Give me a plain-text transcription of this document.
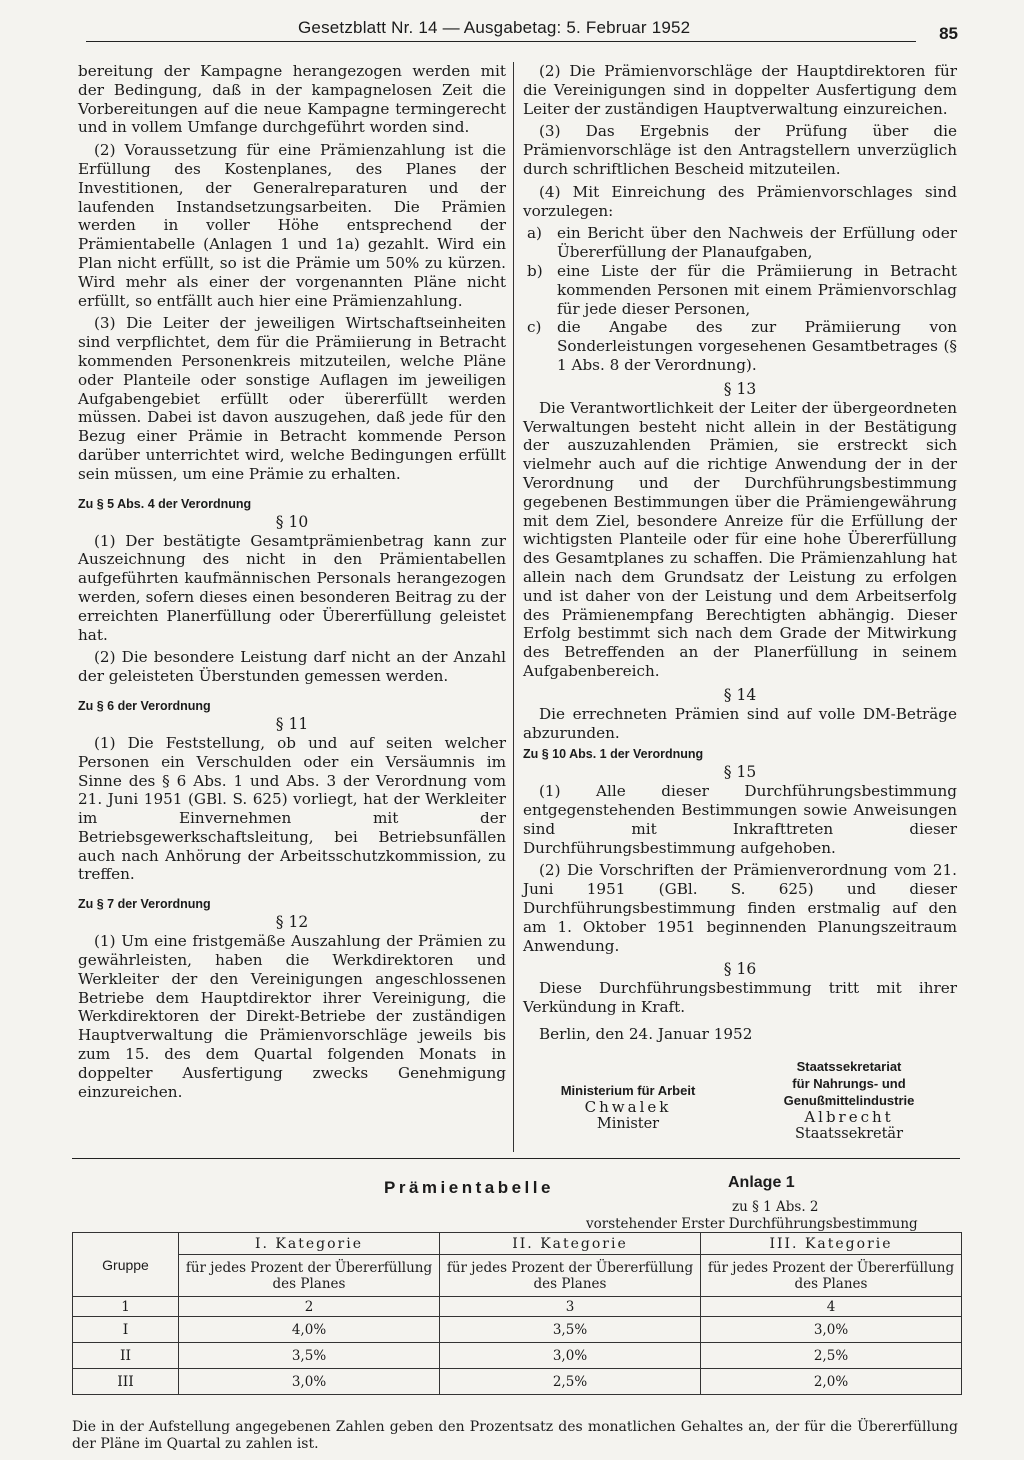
Gesetzblatt Nr. 14 — Ausgabetag: 5. Februar 1952	85

bereitung der Kampagne herangezogen werden mit der Bedingung, daß in der kampagnelosen Zeit die Vorbereitungen auf die neue Kampagne termingerecht und in vollem Umfange durchgeführt worden sind.

(2) Voraussetzung für eine Prämienzahlung ist die Erfüllung des Kostenplanes, des Planes der Investitionen, der Generalreparaturen und der laufenden Instandsetzungsarbeiten. Die Prämien werden in voller Höhe entsprechend der Prämientabelle (Anlagen 1 und 1a) gezahlt. Wird ein Plan nicht erfüllt, so ist die Prämie um 50% zu kürzen. Wird mehr als einer der vorgenannten Pläne nicht erfüllt, so entfällt auch hier eine Prämienzahlung.

(3) Die Leiter der jeweiligen Wirtschaftseinheiten sind verpflichtet, dem für die Prämiierung in Betracht kommenden Personenkreis mitzuteilen, welche Pläne oder Planteile oder sonstige Auflagen im jeweiligen Aufgabengebiet erfüllt oder übererfüllt werden müssen. Dabei ist davon auszugehen, daß jede für den Bezug einer Prämie in Betracht kommende Person darüber unterrichtet wird, welche Bedingungen erfüllt sein müssen, um eine Prämie zu erhalten.

Zu § 5 Abs. 4 der Verordnung
§ 10

(1) Der bestätigte Gesamtprämienbetrag kann zur Auszeichnung des nicht in den Prämientabellen aufgeführten kaufmännischen Personals herangezogen werden, sofern dieses einen besonderen Beitrag zu der erreichten Planerfüllung oder Übererfüllung geleistet hat.

(2) Die besondere Leistung darf nicht an der Anzahl der geleisteten Überstunden gemessen werden.

Zu § 6 der Verordnung
§ 11

(1) Die Feststellung, ob und auf seiten welcher Personen ein Verschulden oder ein Versäumnis im Sinne des § 6 Abs. 1 und Abs. 3 der Verordnung vom 21. Juni 1951 (GBl. S. 625) vorliegt, hat der Werkleiter im Einvernehmen mit der Betriebsgewerkschaftsleitung, bei Betriebsunfällen auch nach Anhörung der Arbeitsschutzkommission, zu treffen.

Zu § 7 der Verordnung
§ 12

(1) Um eine fristgemäße Auszahlung der Prämien zu gewährleisten, haben die Werkdirektoren und Werkleiter der den Vereinigungen angeschlossenen Betriebe dem Hauptdirektor ihrer Vereinigung, die Werkdirektoren der Direkt-Betriebe der zuständigen Hauptverwaltung die Prämienvorschläge jeweils bis zum 15. des dem Quartal folgenden Monats in doppelter Ausfertigung zwecks Genehmigung einzureichen.

(2) Die Prämienvorschläge der Hauptdirektoren für die Vereinigungen sind in doppelter Ausfertigung dem Leiter der zuständigen Hauptverwaltung einzureichen.

(3) Das Ergebnis der Prüfung über die Prämienvorschläge ist den Antragstellern unverzüglich durch schriftlichen Bescheid mitzuteilen.

(4) Mit Einreichung des Prämienvorschlages sind vorzulegen:

a) ein Bericht über den Nachweis der Erfüllung oder Übererfüllung der Planaufgaben,
b) eine Liste der für die Prämiierung in Betracht kommenden Personen mit einem Prämienvorschlag für jede dieser Personen,
c) die Angabe des zur Prämiierung von Sonderleistungen vorgesehenen Gesamtbetrages (§ 1 Abs. 8 der Verordnung).
§ 13

Die Verantwortlichkeit der Leiter der übergeordneten Verwaltungen besteht nicht allein in der Bestätigung der auszuzahlenden Prämien, sie erstreckt sich vielmehr auch auf die richtige Anwendung der in der Verordnung und der Durchführungsbestimmung gegebenen Bestimmungen über die Prämiengewährung mit dem Ziel, besondere Anreize für die Erfüllung der wichtigsten Planteile oder für eine hohe Übererfüllung des Gesamtplanes zu schaffen. Die Prämienzahlung hat allein nach dem Grundsatz der Leistung zu erfolgen und ist daher von der Leistung und dem Arbeitserfolg des Prämienempfang Berechtigten abhängig. Dieser Erfolg bestimmt sich nach dem Grade der Mitwirkung des Betreffenden an der Planerfüllung in seinem Aufgabenbereich.

§ 14

Die errechneten Prämien sind auf volle DM-Beträge abzurunden.

Zu § 10 Abs. 1 der Verordnung
§ 15

(1) Alle dieser Durchführungsbestimmung entgegenstehenden Bestimmungen sowie Anweisungen sind mit Inkrafttreten dieser Durchführungsbestimmung aufgehoben.

(2) Die Vorschriften der Prämienverordnung vom 21. Juni 1951 (GBl. S. 625) und dieser Durchführungsbestimmung finden erstmalig auf den am 1. Oktober 1951 beginnenden Planungszeitraum Anwendung.

§ 16

Diese Durchführungsbestimmung tritt mit ihrer Verkündung in Kraft.

Berlin, den 24. Januar 1952

Ministerium für Arbeit
Chwalek
Minister
Staatssekretariat
für Nahrungs- und
Genußmittelindustrie
Albrecht
Staatssekretär
Prämientabelle	Anlage 1
zu § 1 Abs. 2
vorstehender Erster Durchführungsbestimmung
Gruppe	I. Kategorie	II. Kategorie	III. Kategorie
	für jedes Prozent der Übererfüllung des Planes	für jedes Prozent der Übererfüllung des Planes	für jedes Prozent der Übererfüllung des Planes
1	2	3	4
I	4,0%	3,5%	3,0%
II	3,5%	3,0%	2,5%
III	3,0%	2,5%	2,0%
Die in der Aufstellung angegebenen Zahlen geben den Prozentsatz des monatlichen Gehaltes an, der für die Übererfüllung der Pläne im Quartal zu zahlen ist.
